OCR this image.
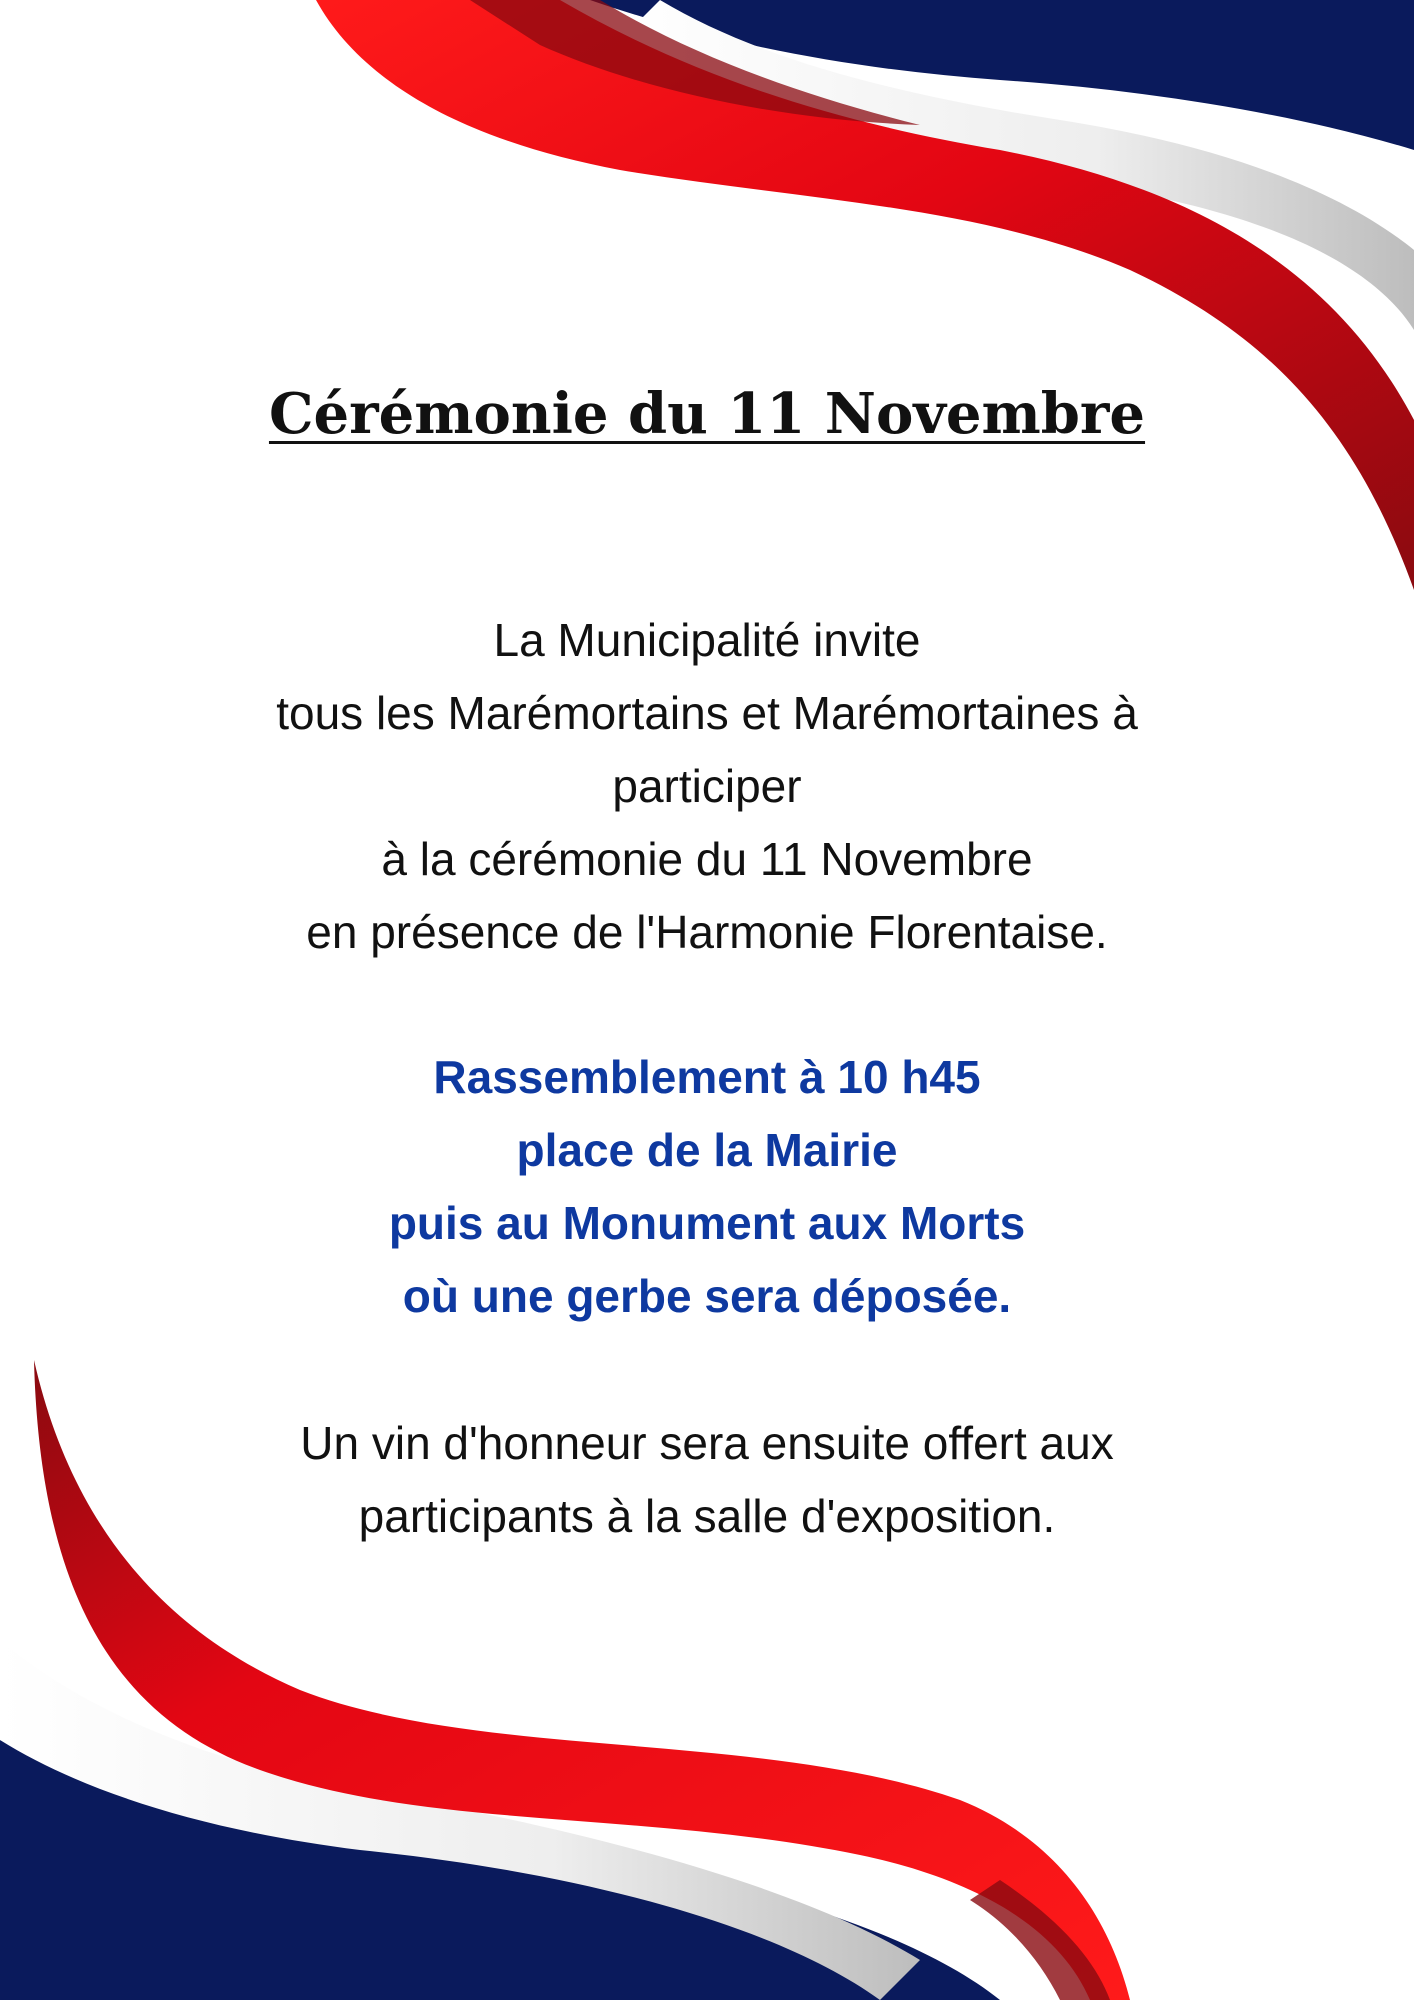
Cérémonie du 11 Novembre
La Municipalité invite
tous les Marémortains et Marémortaines à
participer
à la cérémonie du 11 Novembre
en présence de l'Harmonie Florentaise.
Rassemblement à 10 h45
place de la Mairie
puis au Monument aux Morts
où une gerbe sera déposée.
Un vin d'honneur sera ensuite offert aux
participants à la salle d'exposition.
